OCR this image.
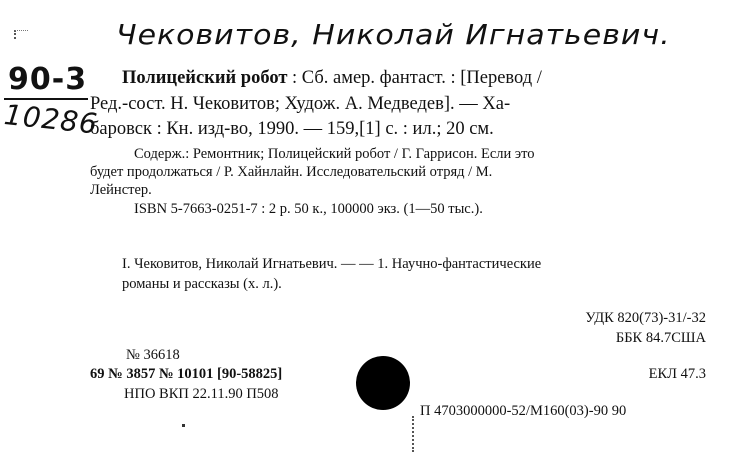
Чековитов, Николай Игнатьевич.
90-3
10286
Полицейский робот : Сб. амер. фантаст. : [Перевод /
Ред.-сост. Н. Чековитов; Худож. А. Медведев]. — Ха-
баровск : Кн. изд-во, 1990. — 159,[1] с. : ил.; 20 см.
Содерж.: Ремонтник; Полицейский робот / Г. Гаррисон. Если это
будет продолжаться / Р. Хайнлайн. Исследовательский отряд / М.
Лейнстер.
ISBN 5-7663-0251-7 : 2 р. 50 к., 100000 экз. (1—50 тыс.).
I. Чековитов, Николай Игнатьевич. — — 1. Научно-фантастические
романы и рассказы (х. л.).
УДК 820(73)-31/-32
ББК 84.7США
№ 36618
69 № 3857 № 10101 [90-58825]
НПО ВКП 22.11.90 П508
ЕКЛ 47.3
П 4703000000-52/М160(03)-90 90
